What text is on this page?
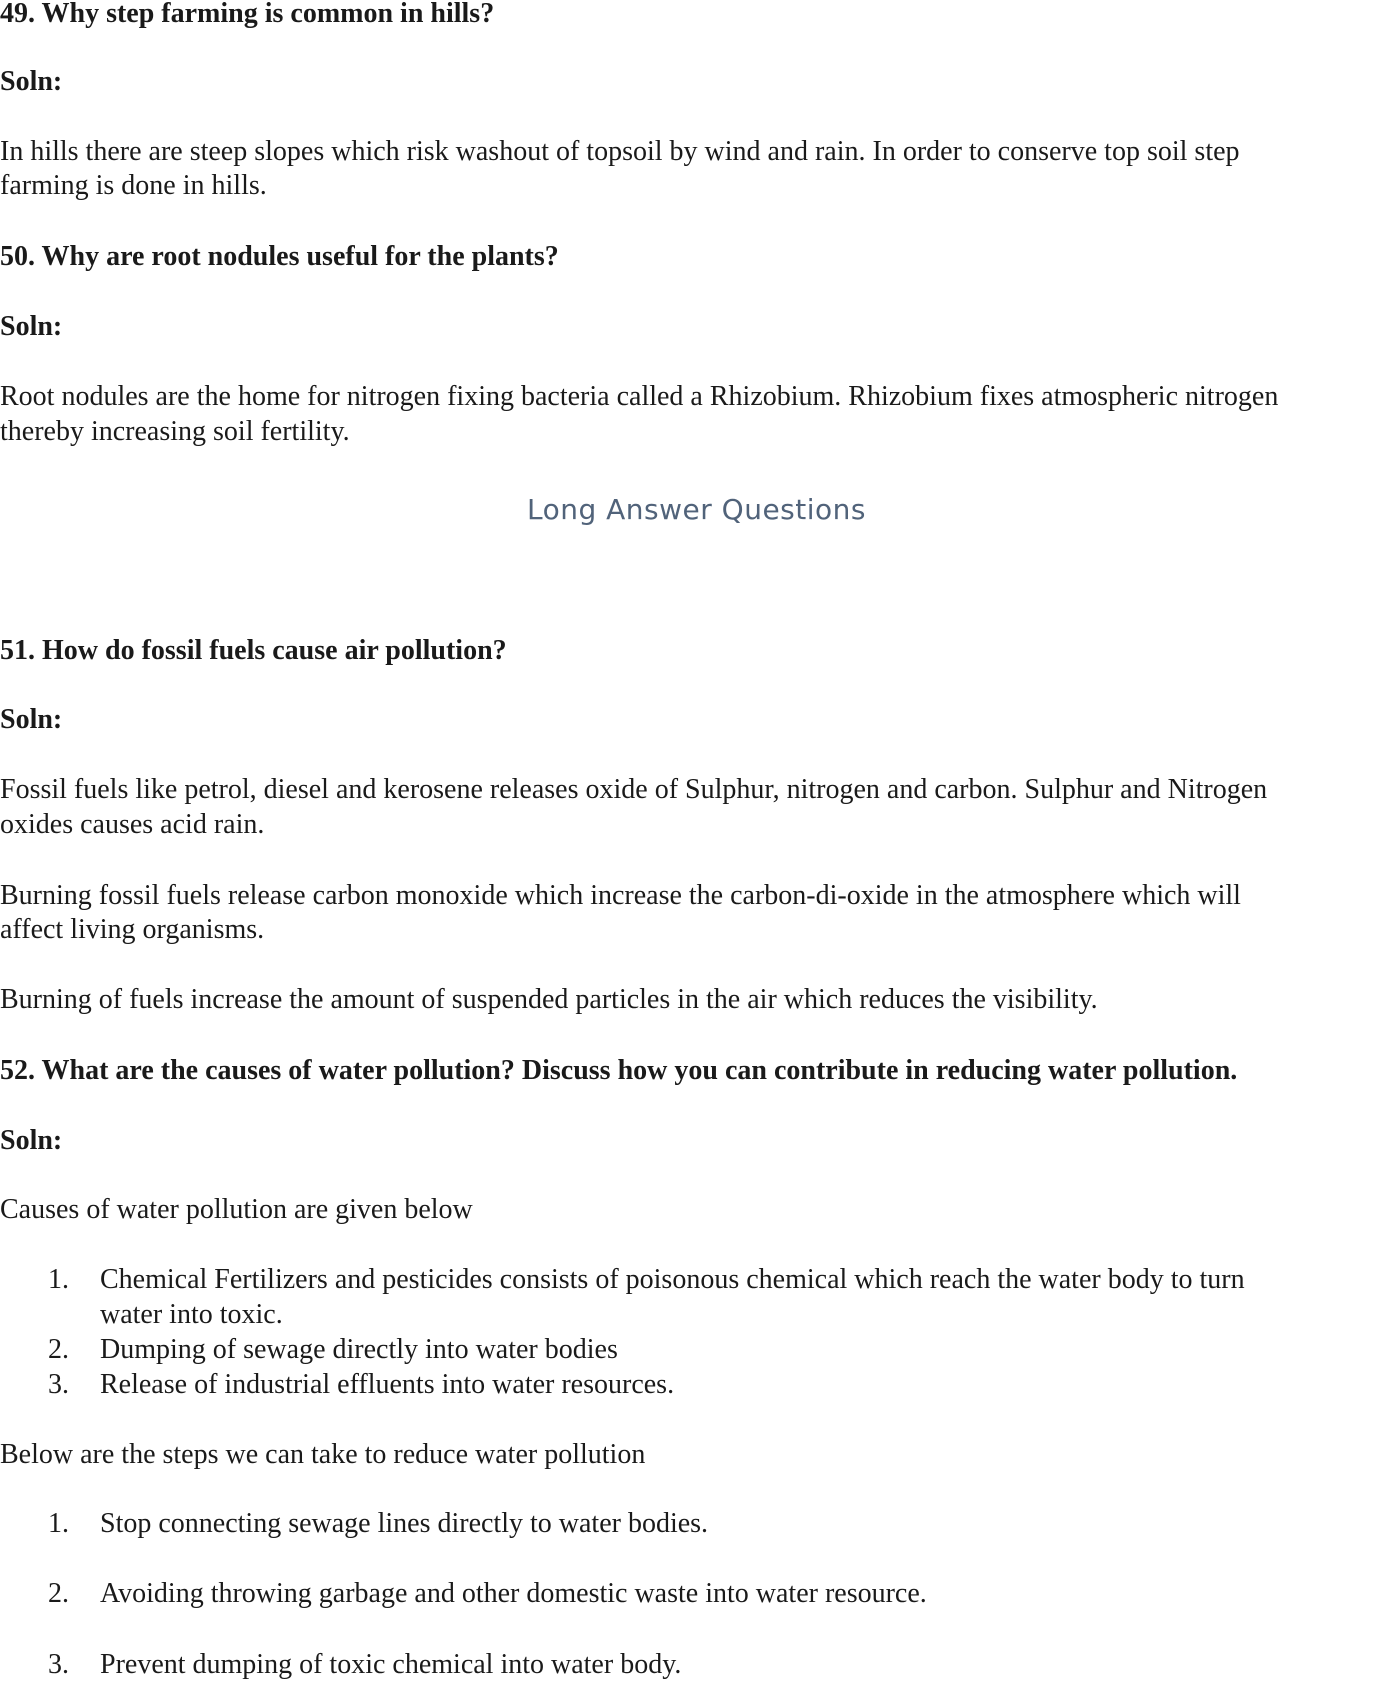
49. Why step farming is common in hills?
Soln:
In hills there are steep slopes which risk washout of topsoil by wind and rain. In order to conserve top soil step
farming is done in hills.
50. Why are root nodules useful for the plants?
Soln:
Root nodules are the home for nitrogen fixing bacteria called a Rhizobium. Rhizobium fixes atmospheric nitrogen
thereby increasing soil fertility.
Long Answer Questions
51. How do fossil fuels cause air pollution?
Soln:
Fossil fuels like petrol, diesel and kerosene releases oxide of Sulphur, nitrogen and carbon. Sulphur and Nitrogen
oxides causes acid rain.
Burning fossil fuels release carbon monoxide which increase the carbon-di-oxide in the atmosphere which will
affect living organisms.
Burning of fuels increase the amount of suspended particles in the air which reduces the visibility.
52. What are the causes of water pollution? Discuss how you can contribute in reducing water pollution.
Soln:
Causes of water pollution are given below
1. Chemical Fertilizers and pesticides consists of poisonous chemical which reach the water body to turn
water into toxic.
2. Dumping of sewage directly into water bodies
3. Release of industrial effluents into water resources.
Below are the steps we can take to reduce water pollution
1. Stop connecting sewage lines directly to water bodies.
2. Avoiding throwing garbage and other domestic waste into water resource.
3. Prevent dumping of toxic chemical into water body.
